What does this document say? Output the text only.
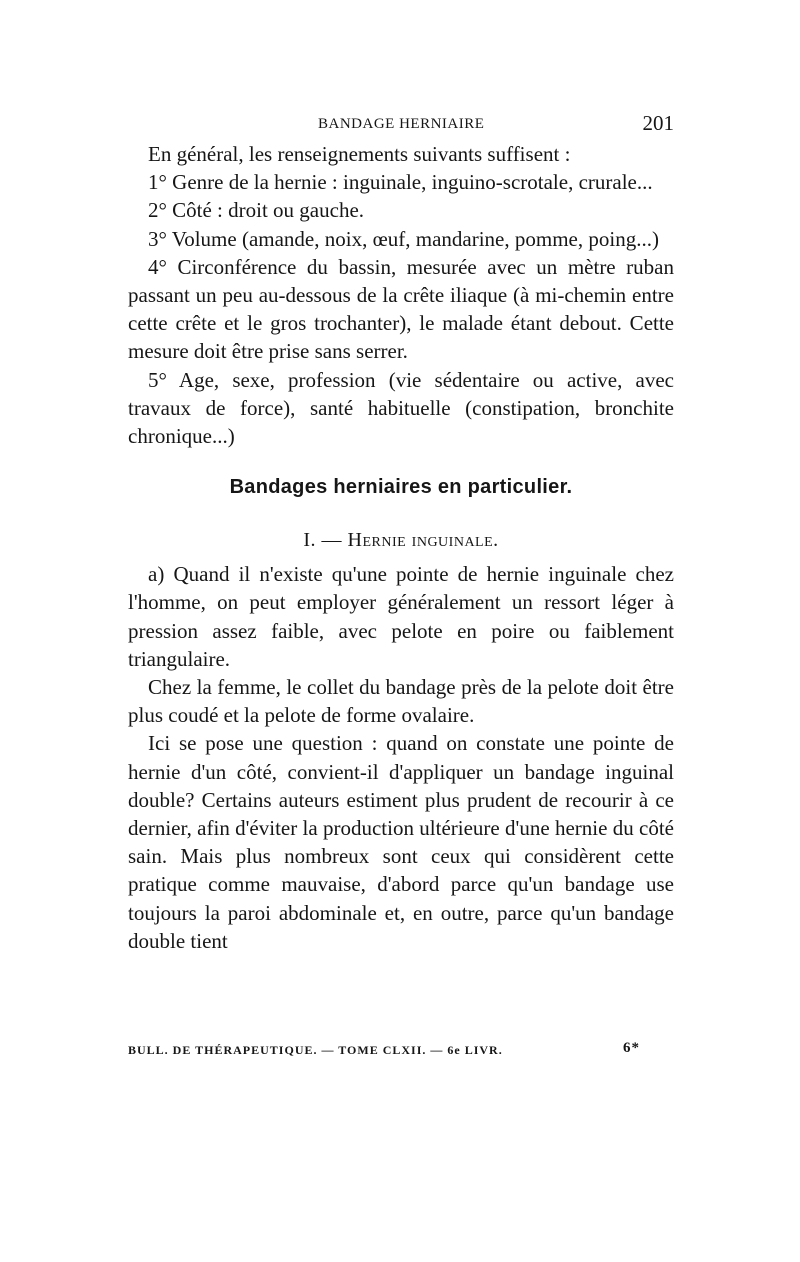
BANDAGE HERNIAIRE	201

En général, les renseignements suivants suffisent :

1° Genre de la hernie : inguinale, inguino-scrotale, crurale...

2° Côté : droit ou gauche.

3° Volume (amande, noix, œuf, mandarine, pomme, poing...)

4° Circonférence du bassin, mesurée avec un mètre ruban passant un peu au-dessous de la crête iliaque (à mi-chemin entre cette crête et le gros trochanter), le malade étant debout. Cette mesure doit être prise sans serrer.

5° Age, sexe, profession (vie sédentaire ou active, avec travaux de force), santé habituelle (constipation, bronchite chronique...)

Bandages herniaires en particulier.
I. — Hernie inguinale.

a) Quand il n'existe qu'une pointe de hernie inguinale chez l'homme, on peut employer généralement un ressort léger à pression assez faible, avec pelote en poire ou faiblement triangulaire.

Chez la femme, le collet du bandage près de la pelote doit être plus coudé et la pelote de forme ovalaire.

Ici se pose une question : quand on constate une pointe de hernie d'un côté, convient-il d'appliquer un bandage inguinal double? Certains auteurs estiment plus prudent de recourir à ce dernier, afin d'éviter la production ultérieure d'une hernie du côté sain. Mais plus nombreux sont ceux qui considèrent cette pratique comme mauvaise, d'abord parce qu'un bandage use toujours la paroi abdominale et, en outre, parce qu'un bandage double tient

BULL. DE THÉRAPEUTIQUE. — TOME CLXII. — 6e LIVR.	6*
